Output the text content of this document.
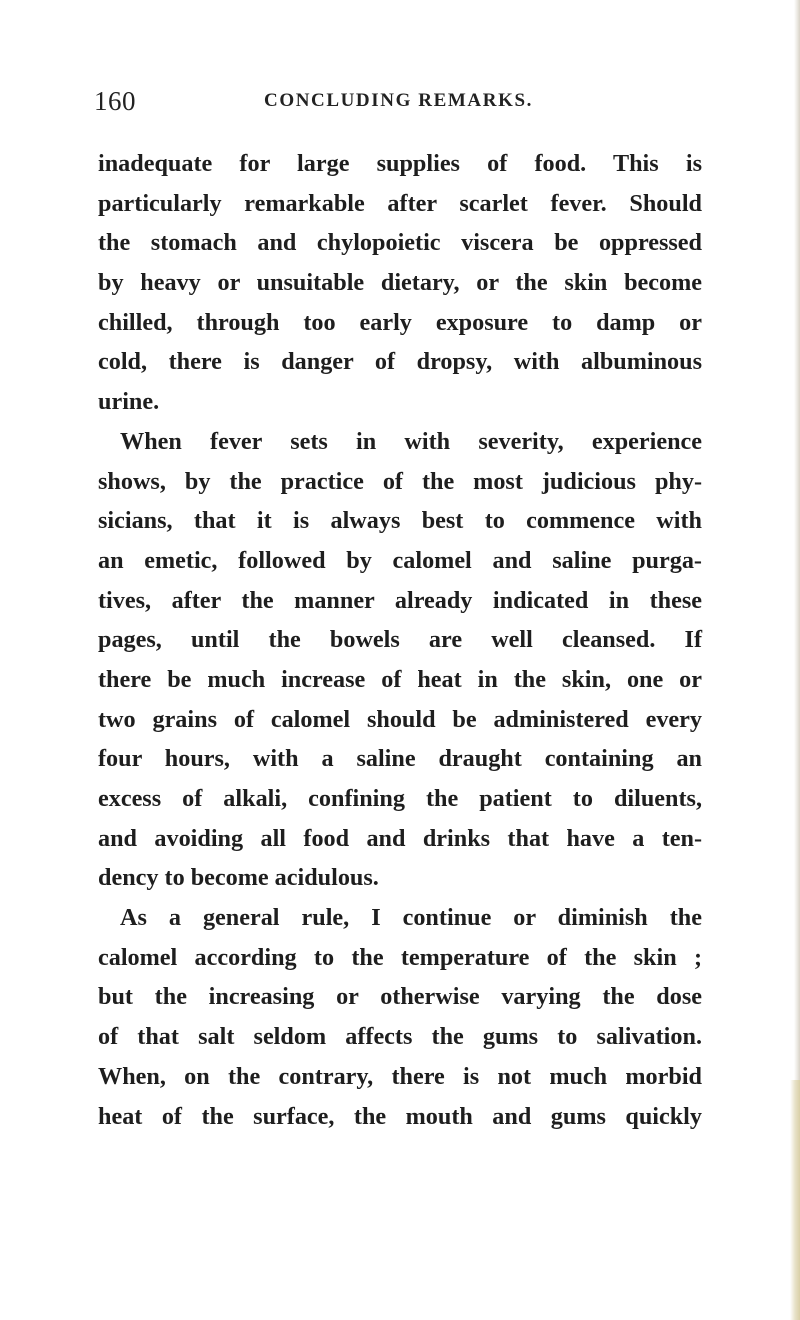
160	CONCLUDING REMARKS.
inadequate for large supplies of food. This is
particularly remarkable after scarlet fever. Should
the stomach and chylopoietic viscera be oppressed
by heavy or unsuitable dietary, or the skin become
chilled, through too early exposure to damp or
cold, there is danger of dropsy, with albuminous
urine.
When fever sets in with severity, experience
shows, by the practice of the most judicious phy-
sicians, that it is always best to commence with
an emetic, followed by calomel and saline purga-
tives, after the manner already indicated in these
pages, until the bowels are well cleansed. If
there be much increase of heat in the skin, one or
two grains of calomel should be administered every
four hours, with a saline draught containing an
excess of alkali, confining the patient to diluents,
and avoiding all food and drinks that have a ten-
dency to become acidulous.
As a general rule, I continue or diminish the
calomel according to the temperature of the skin ;
but the increasing or otherwise varying the dose
of that salt seldom affects the gums to salivation.
When, on the contrary, there is not much morbid
heat of the surface, the mouth and gums quickly
